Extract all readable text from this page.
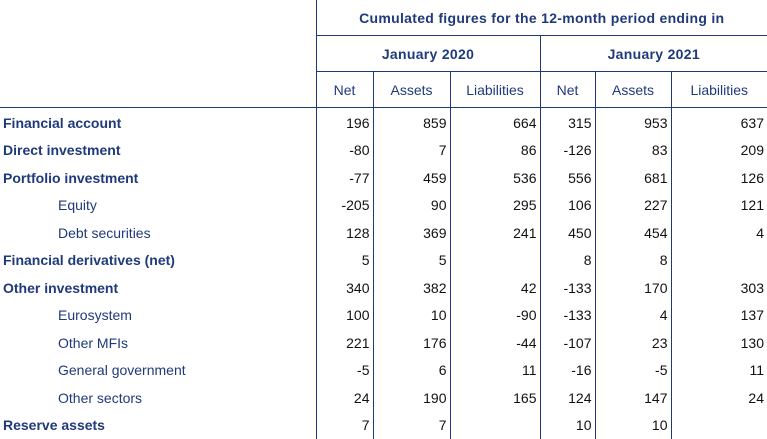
	Cumulated figures for the 12-month period ending in					
	January 2020			January 2021		
	Net	Assets	Liabilities	Net	Assets	Liabilities
Financial account	196	859	664	315	953	637
Direct investment	-80	7	86	-126	83	209
Portfolio investment	-77	459	536	556	681	126
Equity	-205	90	295	106	227	121
Debt securities	128	369	241	450	454	4
Financial derivatives (net)	5	5		8	8	
Other investment	340	382	42	-133	170	303
Eurosystem	100	10	-90	-133	4	137
Other MFIs	221	176	-44	-107	23	130
General government	-5	6	11	-16	-5	11
Other sectors	24	190	165	124	147	24
Reserve assets	7	7		10	10	
